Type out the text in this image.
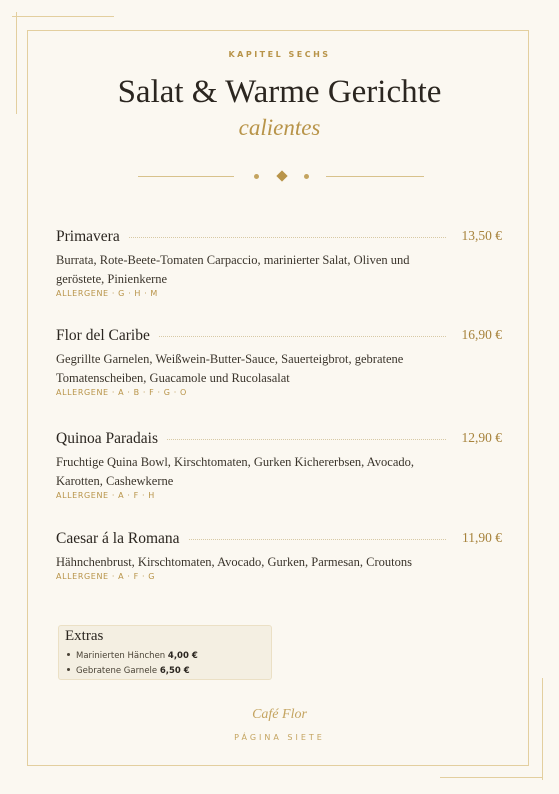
KAPITEL SECHS
Salat & Warme Gerichte
calientes
Primavera	13,50 €
Burrata, Rote-Beete-Tomaten Carpaccio, marinierter Salat, Oliven und geröstete, Pinienkerne
ALLERGENE · G · H · M
Flor del Caribe	16,90 €
Gegrillte Garnelen, Weißwein-Butter-Sauce, Sauerteigbrot, gebratene Tomatenscheiben, Guacamole und Rucolasalat
ALLERGENE · A · B · F · G · O
Quinoa Paradais	12,90 €
Fruchtige Quina Bowl, Kirschtomaten, Gurken Kichererbsen, Avocado, Karotten, Cashewkerne
ALLERGENE · A · F · H
Caesar á la Romana	11,90 €
Hähnchenbrust, Kirschtomaten, Avocado, Gurken, Parmesan, Croutons
ALLERGENE · A · F · G
Extras
Marinierten Hänchen 4,00 €
Gebratene Garnele 6,50 €
Café Flor
PÁGINA SIETE
